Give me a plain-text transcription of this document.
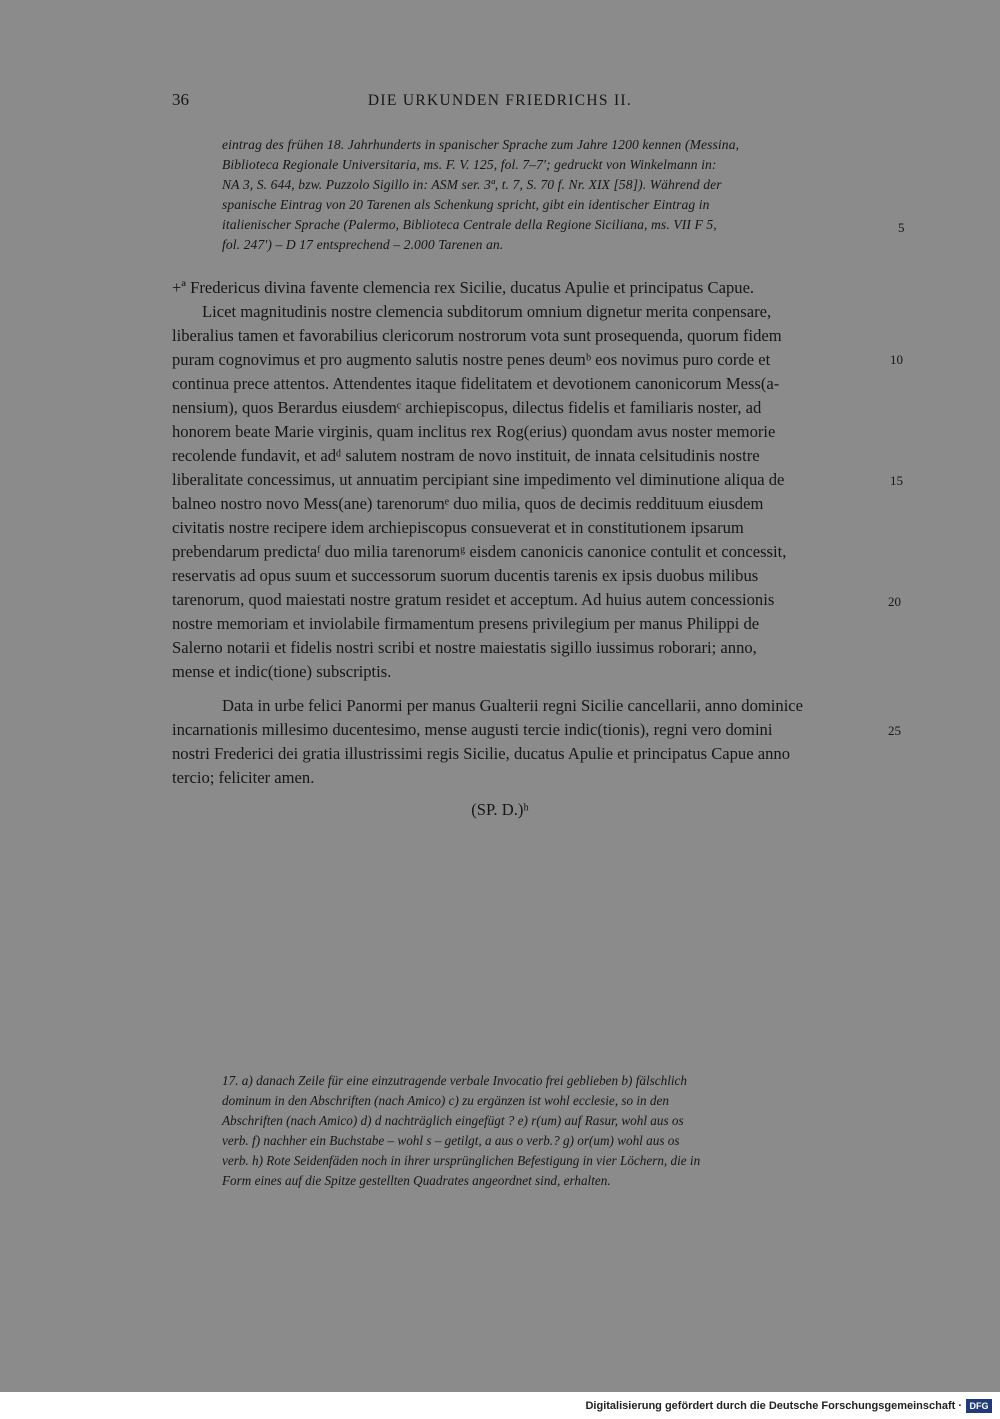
36	DIE URKUNDEN FRIEDRICHS II.
eintrag des frühen 18. Jahrhunderts in spanischer Sprache zum Jahre 1200 kennen (Messina,
Biblioteca Regionale Universitaria, ms. F. V. 125, fol. 7–7'; gedruckt von Winkelmann in:
NA 3, S. 644, bzw. Puzzolo Sigillo in: ASM ser. 3ª, t. 7, S. 70 f. Nr. XIX [58]). Während der
spanische Eintrag von 20 Tarenen als Schenkung spricht, gibt ein identischer Eintrag in
italienischer Sprache (Palermo, Biblioteca Centrale della Regione Siciliana, ms. VII F 5,
fol. 247') – D 17 entsprechend – 2.000 Tarenen an.
+ª Fredericus divina favente clemencia rex Sicilie, ducatus Apulie et principatus Capue.
Licet magnitudinis nostre clemencia subditorum omnium dignetur merita conpensare,
liberalius tamen et favorabilius clericorum nostrorum vota sunt prosequenda, quorum fidem
puram cognovimus et pro augmento salutis nostre penes deumᵇ eos novimus puro corde et
continua prece attentos. Attendentes itaque fidelitatem et devotionem canonicorum Mess(a-
nensium), quos Berardus eiusdemᶜ archiepiscopus, dilectus fidelis et familiaris noster, ad
honorem beate Marie virginis, quam inclitus rex Rog(erius) quondam avus noster memorie
recolende fundavit, et adᵈ salutem nostram de novo instituit, de innata celsitudinis nostre
liberalitate concessimus, ut annuatim percipiant sine impedimento vel diminutione aliqua de
balneo nostro novo Mess(ane) tarenorumᵉ duo milia, quos de decimis reddituum eiusdem
civitatis nostre recipere idem archiepiscopus consueverat et in constitutionem ipsarum
prebendarum predictaᶠ duo milia tarenorumᵍ eisdem canonicis canonice contulit et concessit,
reservatis ad opus suum et successorum suorum ducentis tarenis ex ipsis duobus milibus
tarenorum, quod maiestati nostre gratum residet et acceptum. Ad huius autem concessionis
nostre memoriam et inviolabile firmamentum presens privilegium per manus Philippi de
Salerno notarii et fidelis nostri scribi et nostre maiestatis sigillo iussimus roborari; anno,
mense et indic(tione) subscriptis.
Data in urbe felici Panormi per manus Gualterii regni Sicilie cancellarii, anno dominice
incarnationis millesimo ducentesimo, mense augusti tercie indic(tionis), regni vero domini
nostri Frederici dei gratia illustrissimi regis Sicilie, ducatus Apulie et principatus Capue anno
tercio; feliciter amen.
(SP. D.)ʰ
5
10
15
20
25
17. a) danach Zeile für eine einzutragende verbale Invocatio frei geblieben b) fälschlich
dominum in den Abschriften (nach Amico) c) zu ergänzen ist wohl ecclesie, so in den
Abschriften (nach Amico) d) d nachträglich eingefügt ? e) r(um) auf Rasur, wohl aus os
verb. f) nachher ein Buchstabe – wohl s – getilgt, a aus o verb.? g) or(um) wohl aus os
verb. h) Rote Seidenfäden noch in ihrer ursprünglichen Befestigung in vier Löchern, die in
Form eines auf die Spitze gestellten Quadrates angeordnet sind, erhalten.
Digitalisierung gefördert durch die Deutsche Forschungsgemeinschaft · DFG
